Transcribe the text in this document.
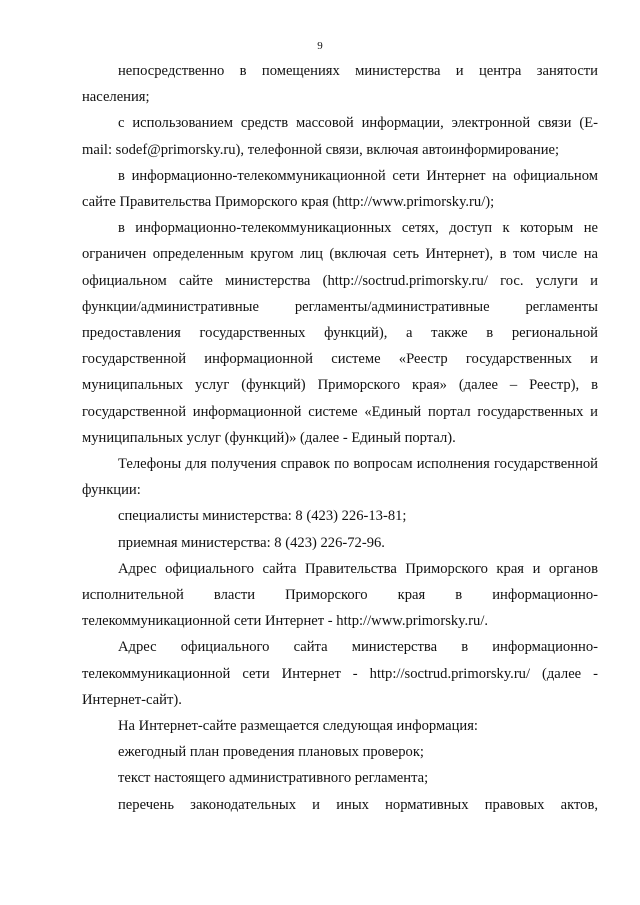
9

непосредственно в помещениях министерства и центра занятости населения;

с использованием средств массовой информации, электронной связи (E-mail: sodef@primorsky.ru), телефонной связи, включая автоинформирование;

в информационно-телекоммуникационной сети Интернет на официальном сайте Правительства Приморского края (http://www.primorsky.ru/);

в информационно-телекоммуникационных сетях, доступ к которым не ограничен определенным кругом лиц (включая сеть Интернет), в том числе на официальном сайте министерства (http://soctrud.primorsky.ru/ гос. услуги и функции/административные регламенты/административные регламенты предоставления государственных функций), а также в региональной государственной информационной системе «Реестр государственных и муниципальных услуг (функций) Приморского края» (далее – Реестр), в государственной информационной системе «Единый портал государственных и муниципальных услуг (функций)» (далее - Единый портал).

Телефоны для получения справок по вопросам исполнения государственной функции:

специалисты министерства: 8 (423) 226-13-81;

приемная министерства: 8 (423) 226-72-96.

Адрес официального сайта Правительства Приморского края и органов исполнительной власти Приморского края в информационно-телекоммуникационной сети Интернет - http://www.primorsky.ru/.

Адрес официального сайта министерства в информационно-телекоммуникационной сети Интернет - http://soctrud.primorsky.ru/ (далее - Интернет-сайт).

На Интернет-сайте размещается следующая информация:

ежегодный план проведения плановых проверок;

текст настоящего административного регламента;

перечень законодательных и иных нормативных правовых актов,
